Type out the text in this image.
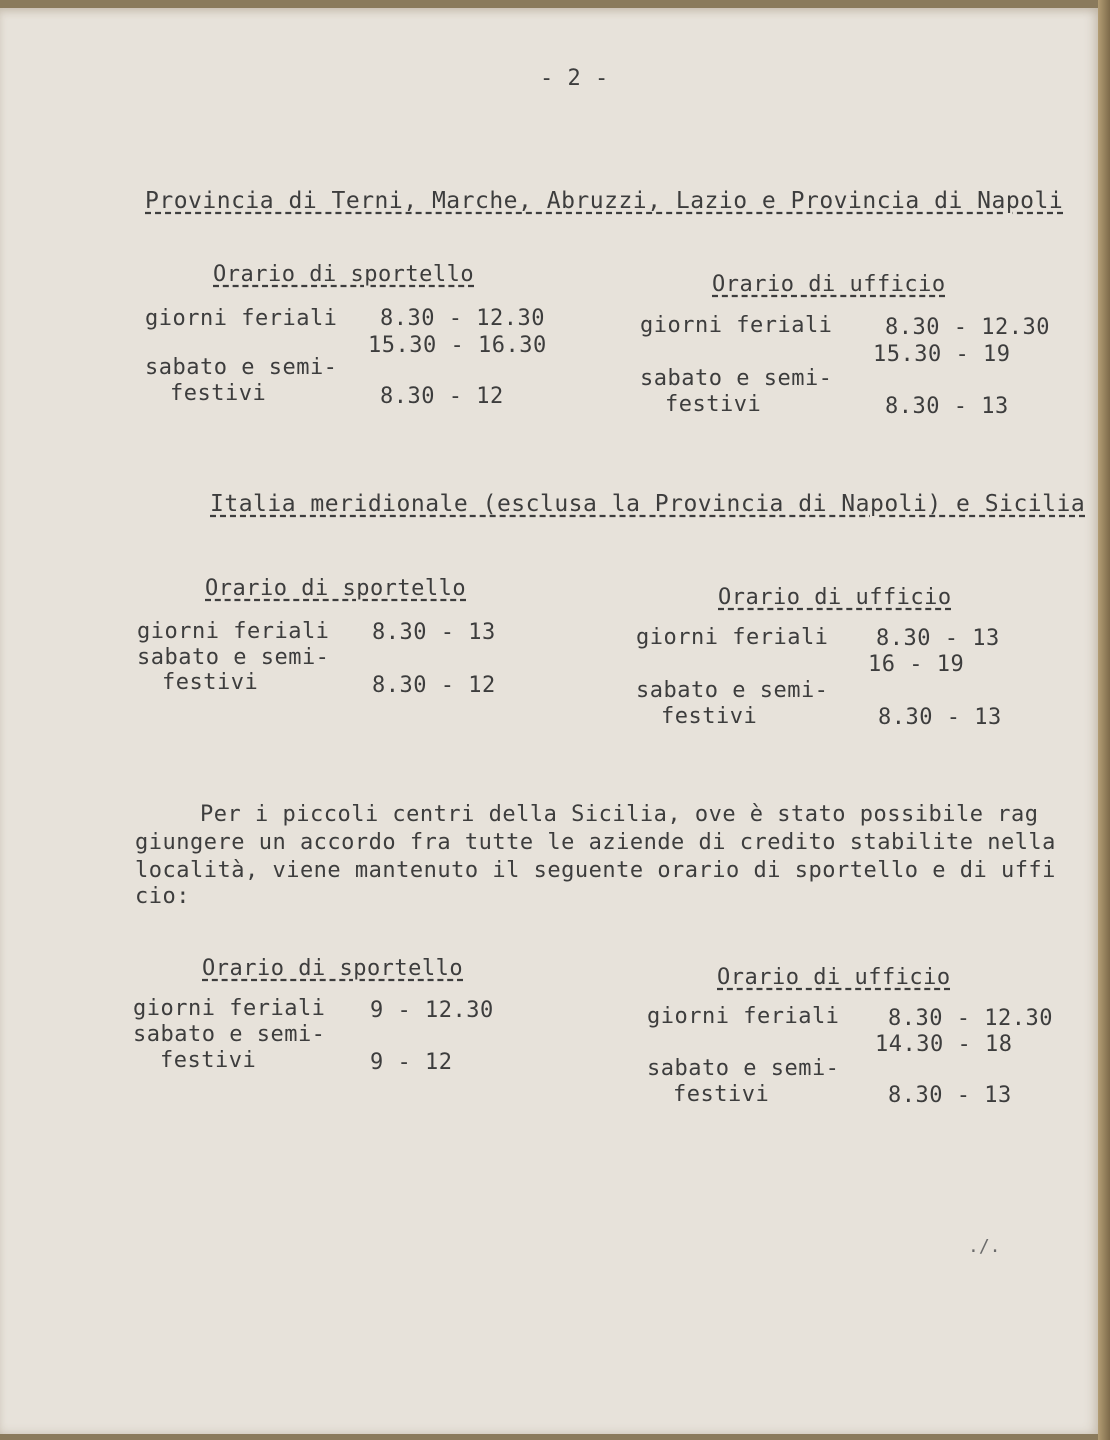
- 2 -
Provincia di Terni, Marche, Abruzzi, Lazio e Provincia di Napoli
Orario di sportello
giorni feriali 8.30 - 12.30
15.30 - 16.30
sabato e semi-
festivi	8.30 - 12
Orario di ufficio
giorni feriali 8.30 - 12.30
15.30 - 19
sabato e semi-
festivi	8.30 - 13
Italia meridionale (esclusa la Provincia di Napoli) e Sicilia
Orario di sportello
giorni feriali 8.30 - 13
sabato e semi-
festivi	8.30 - 12
Orario di ufficio
giorni feriali 8.30 - 13
16 - 19
sabato e semi-
festivi	8.30 - 13
Per i piccoli centri della Sicilia, ove è stato possibile rag
giungere un accordo fra tutte le aziende di credito stabilite nella
località, viene mantenuto il seguente orario di sportello e di uffi
cio:
Orario di sportello
giorni feriali 9 - 12.30
sabato e semi-
festivi	9 - 12
Orario di ufficio
giorni feriali 8.30 - 12.30
14.30 - 18
sabato e semi-
festivi	8.30 - 13
./.
